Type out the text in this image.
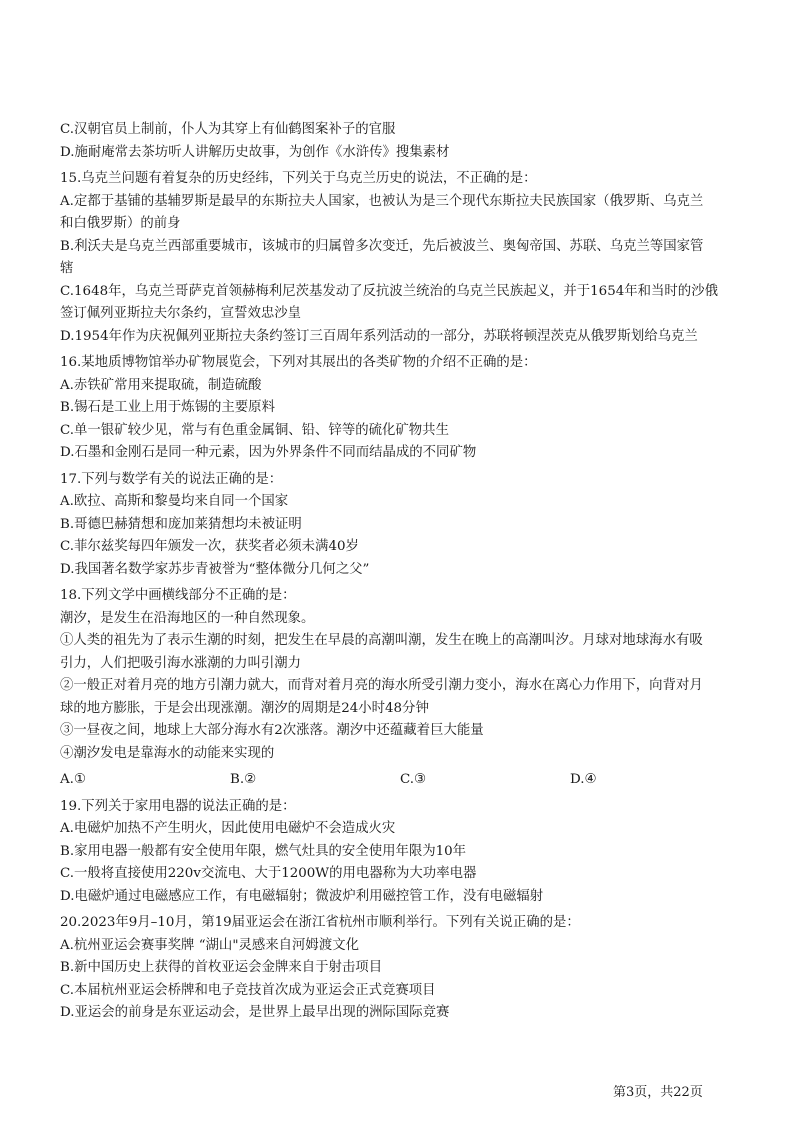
C.汉朝官员上制前，仆人为其穿上有仙鹤图案补子的官服
D.施耐庵常去茶坊听人讲解历史故事，为创作《水浒传》搜集素材
15.乌克兰问题有着复杂的历史经纬，下列关于乌克兰历史的说法，不正确的是：
A.定都于基铺的基辅罗斯是最早的东斯拉夫人国家，也被认为是三个现代东斯拉夫民族国家（俄罗斯、乌克兰
和白俄罗斯）的前身
B.利沃夫是乌克兰西部重要城市，该城市的归属曾多次变迁，先后被波兰、奥匈帝国、苏联、乌克兰等国家管
辖
C.1648年，乌克兰哥萨克首领赫梅利尼茨基发动了反抗波兰统治的乌克兰民族起义，并于1654年和当时的沙俄
签订佩列亚斯拉夫尔条约，宣誓效忠沙皇
D.1954年作为庆祝佩列亚斯拉夫条约签订三百周年系列活动的一部分，苏联将顿涅茨克从俄罗斯划给乌克兰
16.某地质博物馆举办矿物展览会，下列对其展出的各类矿物的介绍不正确的是：
A.赤铁矿常用来提取硫，制造硫酸
B.锡石是工业上用于炼锡的主要原料
C.单一银矿较少见，常与有色重金属铜、铅、锌等的硫化矿物共生
D.石墨和金刚石是同一种元素，因为外界条件不同而结晶成的不同矿物
17.下列与数学有关的说法正确的是：
A.欧拉、高斯和黎曼均来自同一个国家
B.哥德巴赫猜想和庞加莱猜想均未被证明
C.菲尔兹奖每四年颁发一次，获奖者必须未满40岁
D.我国著名数学家苏步青被誉为“整体微分几何之父”
18.下列文学中画横线部分不正确的是：
潮汐，是发生在沿海地区的一种自然现象。
①人类的祖先为了表示生潮的时刻，把发生在早晨的高潮叫潮，发生在晚上的高潮叫汐。月球对地球海水有吸
引力，人们把吸引海水涨潮的力叫引潮力
②一般正对着月亮的地方引潮力就大，而背对着月亮的海水所受引潮力变小，海水在离心力作用下，向背对月
球的地方膨胀，于是会出现涨潮。潮汐的周期是24小时48分钟
③一昼夜之间，地球上大部分海水有2次涨落。潮汐中还蕴藏着巨大能量
④潮汐发电是靠海水的动能来实现的
A.①	B.②	C.③	D.④
19.下列关于家用电器的说法正确的是：
A.电磁炉加热不产生明火，因此使用电磁炉不会造成火灾
B.家用电器一般都有安全使用年限，燃气灶具的安全使用年限为10年
C.一般将直接使用220v交流电、大于1200W的用电器称为大功率电器
D.电磁炉通过电磁感应工作，有电磁辐射；微波炉利用磁控管工作，没有电磁辐射
20.2023年9月–10月，第19届亚运会在浙江省杭州市顺利举行。下列有关说正确的是：
A.杭州亚运会赛事奖牌 “湖山"灵感来自河姆渡文化
B.新中国历史上获得的首枚亚运会金牌来自于射击项目
C.本届杭州亚运会桥牌和电子竞技首次成为亚运会正式竞赛项目
D.亚运会的前身是东亚运动会，是世界上最早出现的洲际国际竞赛
第3页，共22页
